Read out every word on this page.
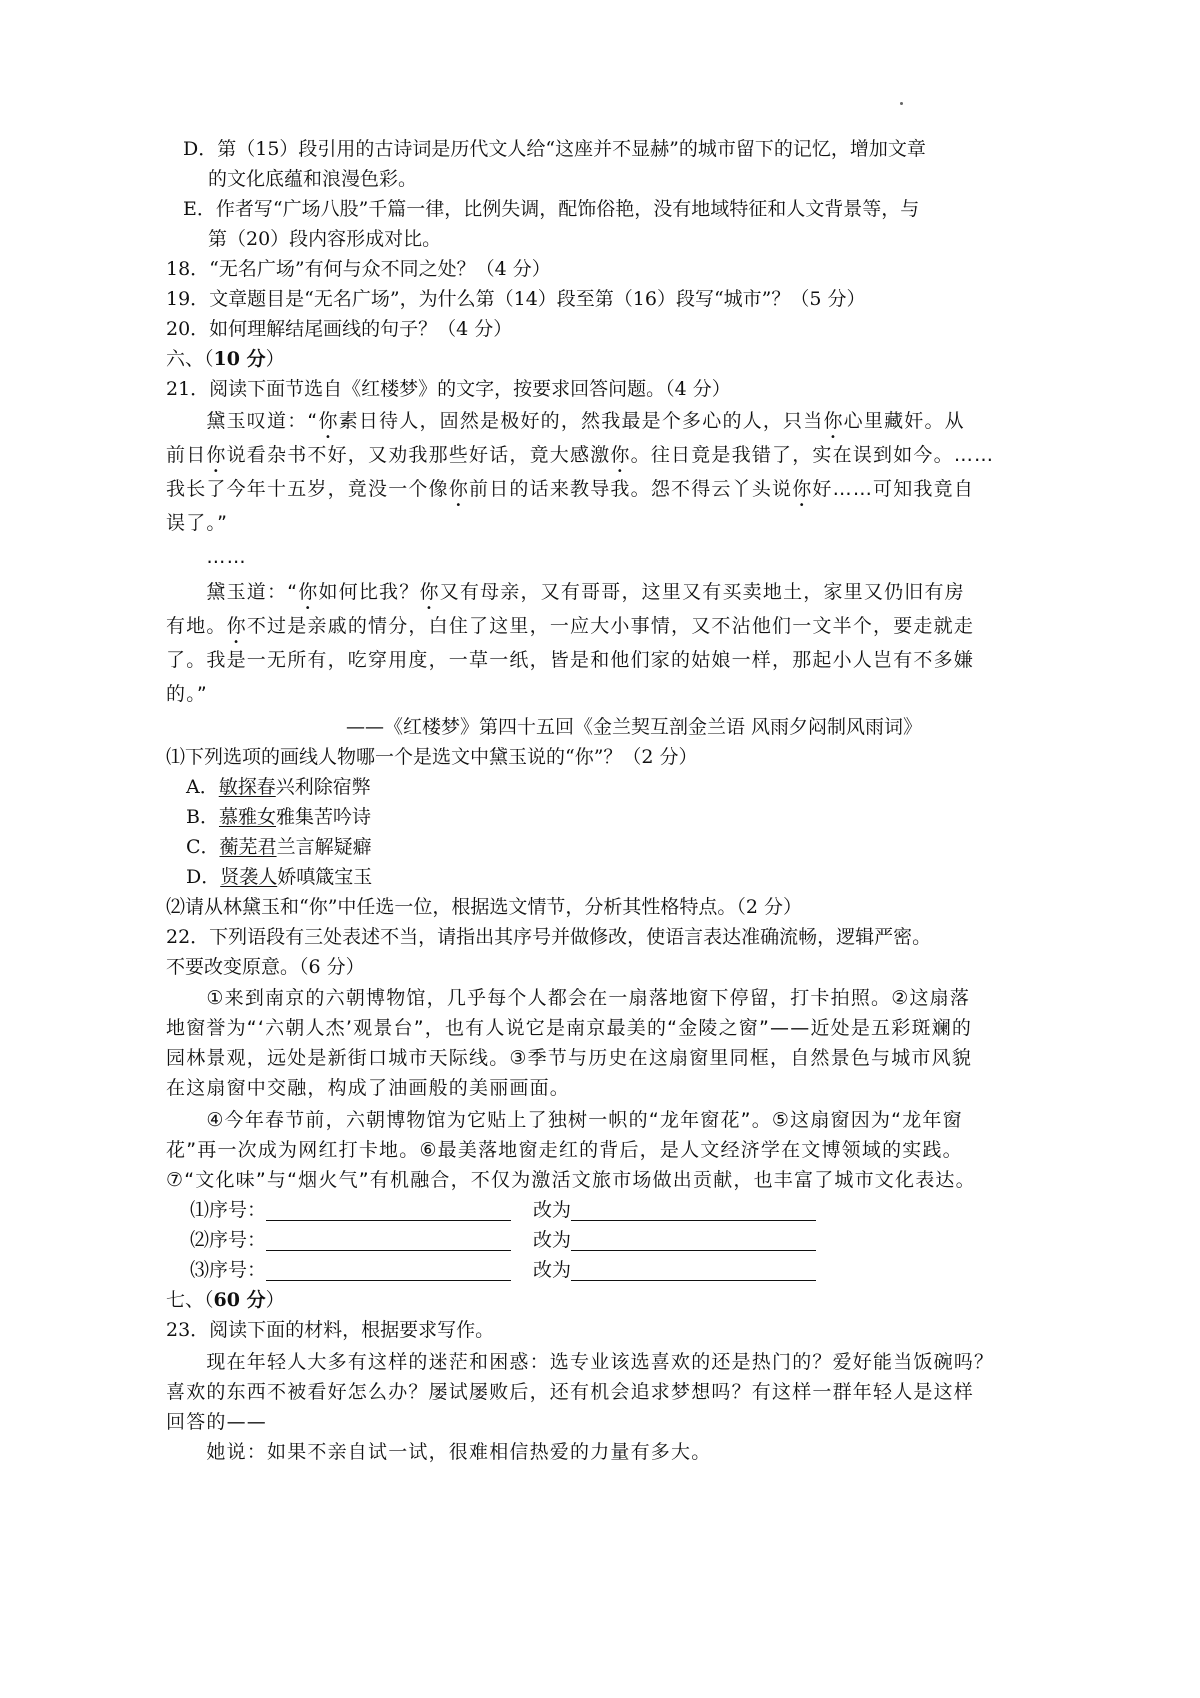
D．第（15）段引用的古诗词是历代文人给“这座并不显赫”的城市留下的记忆，增加文章
的文化底蕴和浪漫色彩。
E．作者写“广场八股”千篇一律，比例失调，配饰俗艳，没有地域特征和人文背景等，与
第（20）段内容形成对比。
18．“无名广场”有何与众不同之处？（4 分）
19．文章题目是“无名广场”，为什么第（14）段至第（16）段写“城市”？（5 分）
20．如何理解结尾画线的句子？（4 分）
六、（10 分）
21．阅读下面节选自《红楼梦》的文字，按要求回答问题。（4 分）
　　黛玉叹道：“你素日待人，固然是极好的，然我最是个多心的人，只当你心里藏奸。从
前日你说看杂书不好，又劝我那些好话，竟大感激你。往日竟是我错了，实在误到如今。……
我长了今年十五岁，竟没一个像你前日的话来教导我。怨不得云丫头说你好……可知我竟自
误了。”
　　……
　　黛玉道：“你如何比我？你又有母亲，又有哥哥，这里又有买卖地土，家里又仍旧有房
有地。你不过是亲戚的情分，白住了这里，一应大小事情，又不沾他们一文半个，要走就走
了。我是一无所有，吃穿用度，一草一纸，皆是和他们家的姑娘一样，那起小人岂有不多嫌
的。”
——《红楼梦》第四十五回《金兰契互剖金兰语 风雨夕闷制风雨词》
⑴下列选项的画线人物哪一个是选文中黛玉说的“你”？（2 分）
A．敏探春兴利除宿弊
B．慕雅女雅集苦吟诗
C．蘅芜君兰言解疑癖
D．贤袭人娇嗔箴宝玉
⑵请从林黛玉和“你”中任选一位，根据选文情节，分析其性格特点。（2 分）
22．下列语段有三处表述不当，请指出其序号并做修改，使语言表达准确流畅，逻辑严密。
不要改变原意。（6 分）
　　①来到南京的六朝博物馆，几乎每个人都会在一扇落地窗下停留，打卡拍照。②这扇落
地窗誉为“‘六朝人杰’观景台”，也有人说它是南京最美的“金陵之窗”——近处是五彩斑斓的
园林景观，远处是新街口城市天际线。③季节与历史在这扇窗里同框，自然景色与城市风貌
在这扇窗中交融，构成了油画般的美丽画面。
　　④今年春节前，六朝博物馆为它贴上了独树一帜的“龙年窗花”。⑤这扇窗因为“龙年窗
花”再一次成为网红打卡地。⑥最美落地窗走红的背后，是人文经济学在文博领域的实践。
⑦“文化味”与“烟火气”有机融合，不仅为激活文旅市场做出贡献，也丰富了城市文化表达。
⑴序号：	改为
⑵序号：	改为
⑶序号：	改为
七、（60 分）
23．阅读下面的材料，根据要求写作。
　　现在年轻人大多有这样的迷茫和困惑：选专业该选喜欢的还是热门的？爱好能当饭碗吗？
喜欢的东西不被看好怎么办？屡试屡败后，还有机会追求梦想吗？有这样一群年轻人是这样
回答的——
　　她说：如果不亲自试一试，很难相信热爱的力量有多大。
